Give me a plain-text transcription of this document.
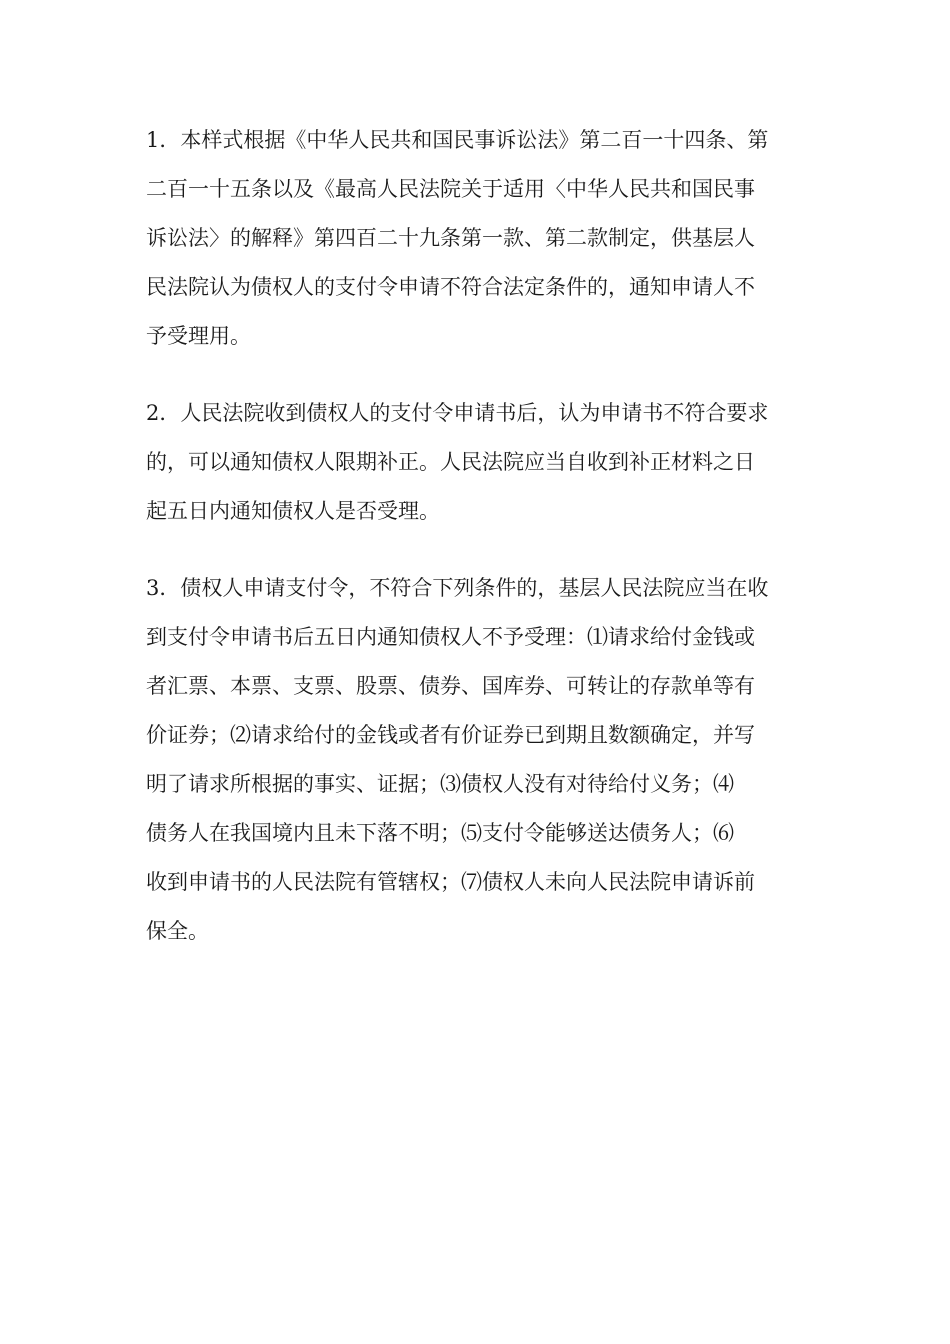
1．本样式根据《中华人民共和国民事诉讼法》第二百一十四条、第
二百一十五条以及《最高人民法院关于适用〈中华人民共和国民事
诉讼法〉的解释》第四百二十九条第一款、第二款制定，供基层人
民法院认为债权人的支付令申请不符合法定条件的，通知申请人不
予受理用。

2．人民法院收到债权人的支付令申请书后，认为申请书不符合要求
的，可以通知债权人限期补正。人民法院应当自收到补正材料之日
起五日内通知债权人是否受理。

3．债权人申请支付令，不符合下列条件的，基层人民法院应当在收
到支付令申请书后五日内通知债权人不予受理：⑴请求给付金钱或
者汇票、本票、支票、股票、债券、国库券、可转让的存款单等有
价证券；⑵请求给付的金钱或者有价证券已到期且数额确定，并写
明了请求所根据的事实、证据；⑶债权人没有对待给付义务；⑷
债务人在我国境内且未下落不明；⑸支付令能够送达债务人；⑹
收到申请书的人民法院有管辖权；⑺债权人未向人民法院申请诉前
保全。
